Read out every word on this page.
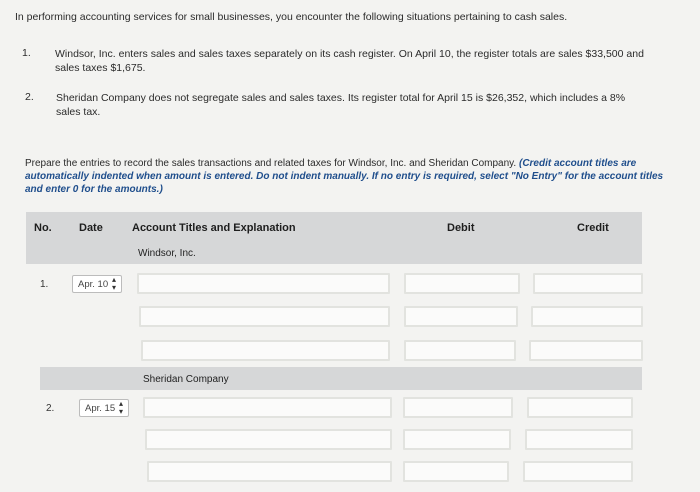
In performing accounting services for small businesses, you encounter the following situations pertaining to cash sales.
1. Windsor, Inc. enters sales and sales taxes separately on its cash register. On April 10, the register totals are sales $33,500 and sales taxes $1,675.
2. Sheridan Company does not segregate sales and sales taxes. Its register total for April 15 is $26,352, which includes a 8% sales tax.
Prepare the entries to record the sales transactions and related taxes for Windsor, Inc. and Sheridan Company. (Credit account titles are automatically indented when amount is entered. Do not indent manually. If no entry is required, select "No Entry" for the account titles and enter 0 for the amounts.)
No. Date	Account Titles and Explanation	Debit	Credit
Windsor, Inc.
1.	Apr. 10 ▴
▾
Sheridan Company
2.	Apr. 15 ▴
▾
